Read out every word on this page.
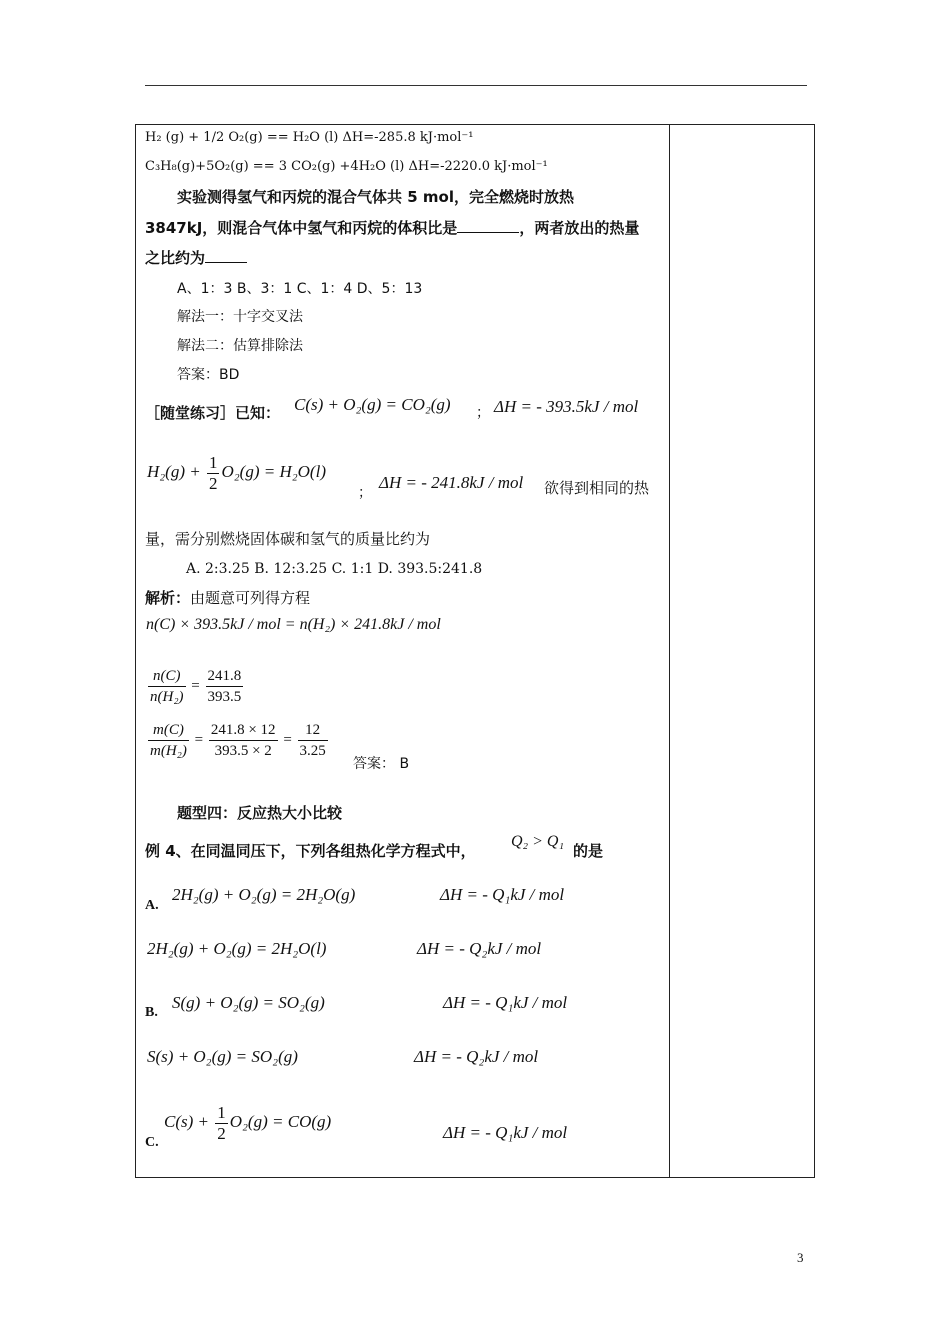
H₂ (g) + 1/2 O₂(g) == H₂O (l) ΔH=-285.8 kJ·mol⁻¹
C₃H₈(g)+5O₂(g) == 3 CO₂(g) +4H₂O (l) ΔH=-2220.0 kJ·mol⁻¹
实验测得氢气和丙烷的混合气体共 5 mol，完全燃烧时放热
3847kJ，则混合气体中氢气和丙烷的体积比是	，两者放出的热量
之比约为
A、1：3 B、3：1 C、1：4 D、5：13
解法一：十字交叉法
解法二：估算排除法
答案：BD
［随堂练习］已知： C(s) + O₂(g) = CO₂(g) ； ΔH = - 393.5kJ / mol
$H_2(g) + \frac{1}{2} O_2(g) = H_2O(l)$
；
ΔH = - 241.8kJ / mol 欲得到相同的热
量，需分别燃烧固体碳和氢气的质量比约为
A. 2:3.25 B. 12:3.25 C. 1:1 D. 393.5:241.8
解析：由题意可列得方程
n(C) × 393.5kJ / mol = n(H₂) × 241.8kJ / mol
$\frac{n(C)}{\text{n(H₂)}} = \frac{241.8}{393.5}$
$\frac{m(C)}{\text{m(H₂)}} = \frac{241.8 \times 12}{393.5 \times 2} = \frac{12}{3.25}$
答案： B
题型四：反应热大小比较
例 4、在同温同压下，下列各组热化学方程式中，
Q₂ > Q₁
的是
A.
2H₂(g) + O₂(g) = 2H₂O(g)	ΔH = - Q₁kJ / mol
2H₂(g) + O₂(g) = 2H₂O(l)	ΔH = - Q₂kJ / mol
B.
S(g) + O₂(g) = SO₂(g)	ΔH = - Q₁kJ / mol
S(s) + O₂(g) = SO₂(g)	ΔH = - Q₂kJ / mol
C.
$C(s) + \frac{1}{2} O_2(g) = CO(g)$
ΔH = - Q₁kJ / mol
3
